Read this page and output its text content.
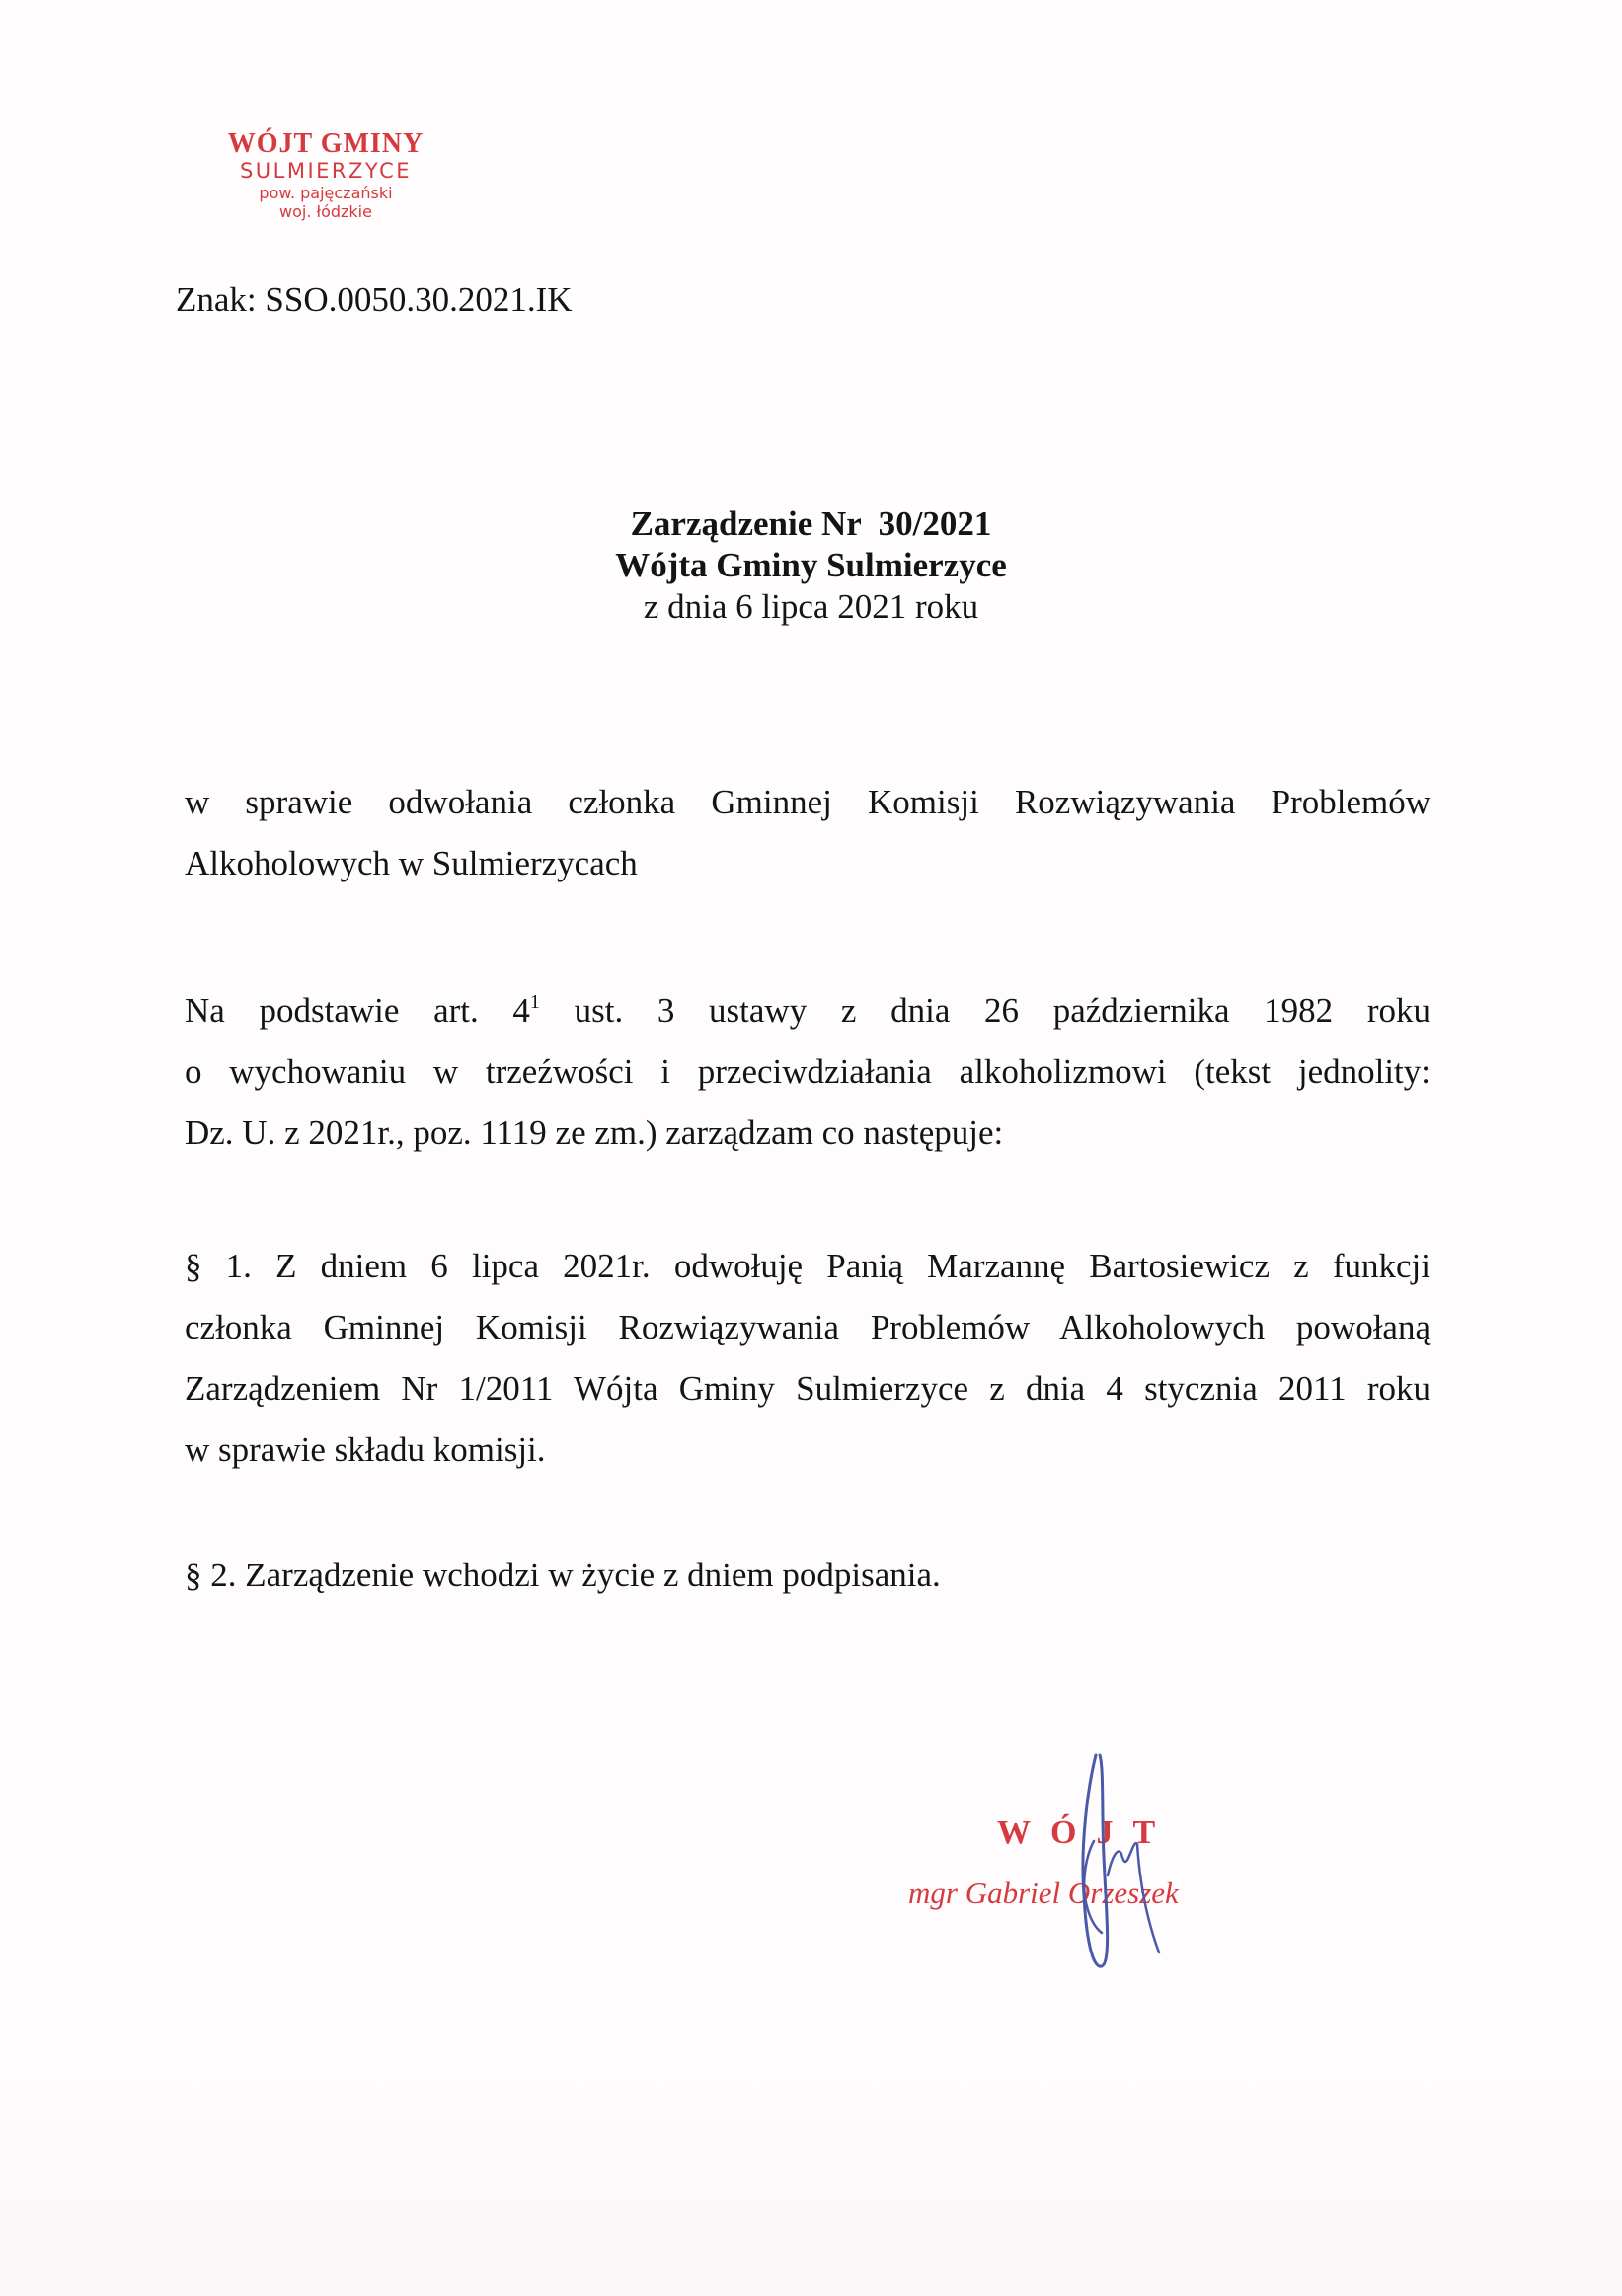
WÓJT GMINY
SULMIERZYCE
pow. pajęczański
woj. łódzkie
Znak: SSO.0050.30.2021.IK
Zarządzenie Nr  30/2021
Wójta Gminy Sulmierzyce
z dnia 6 lipca 2021 roku
w sprawie odwołania członka Gminnej Komisji Rozwiązywania Problemów
Alkoholowych w Sulmierzycach
Na podstawie art. $4^1$ ust. 3 ustawy z dnia 26 października 1982 roku
o wychowaniu w trzeźwości i przeciwdziałania alkoholizmowi (tekst jednolity:
Dz. U. z 2021r., poz. 1119 ze zm.) zarządzam co następuje:
§ 1. Z dniem 6 lipca 2021r. odwołuję Panią Marzannę Bartosiewicz z funkcji
członka Gminnej Komisji Rozwiązywania Problemów Alkoholowych powołaną
Zarządzeniem Nr 1/2011 Wójta Gminy Sulmierzyce z dnia 4 stycznia 2011 roku
w sprawie składu komisji.
§ 2. Zarządzenie wchodzi w życie z dniem podpisania.
WÓJT
mgr Gabriel Orzeszek
